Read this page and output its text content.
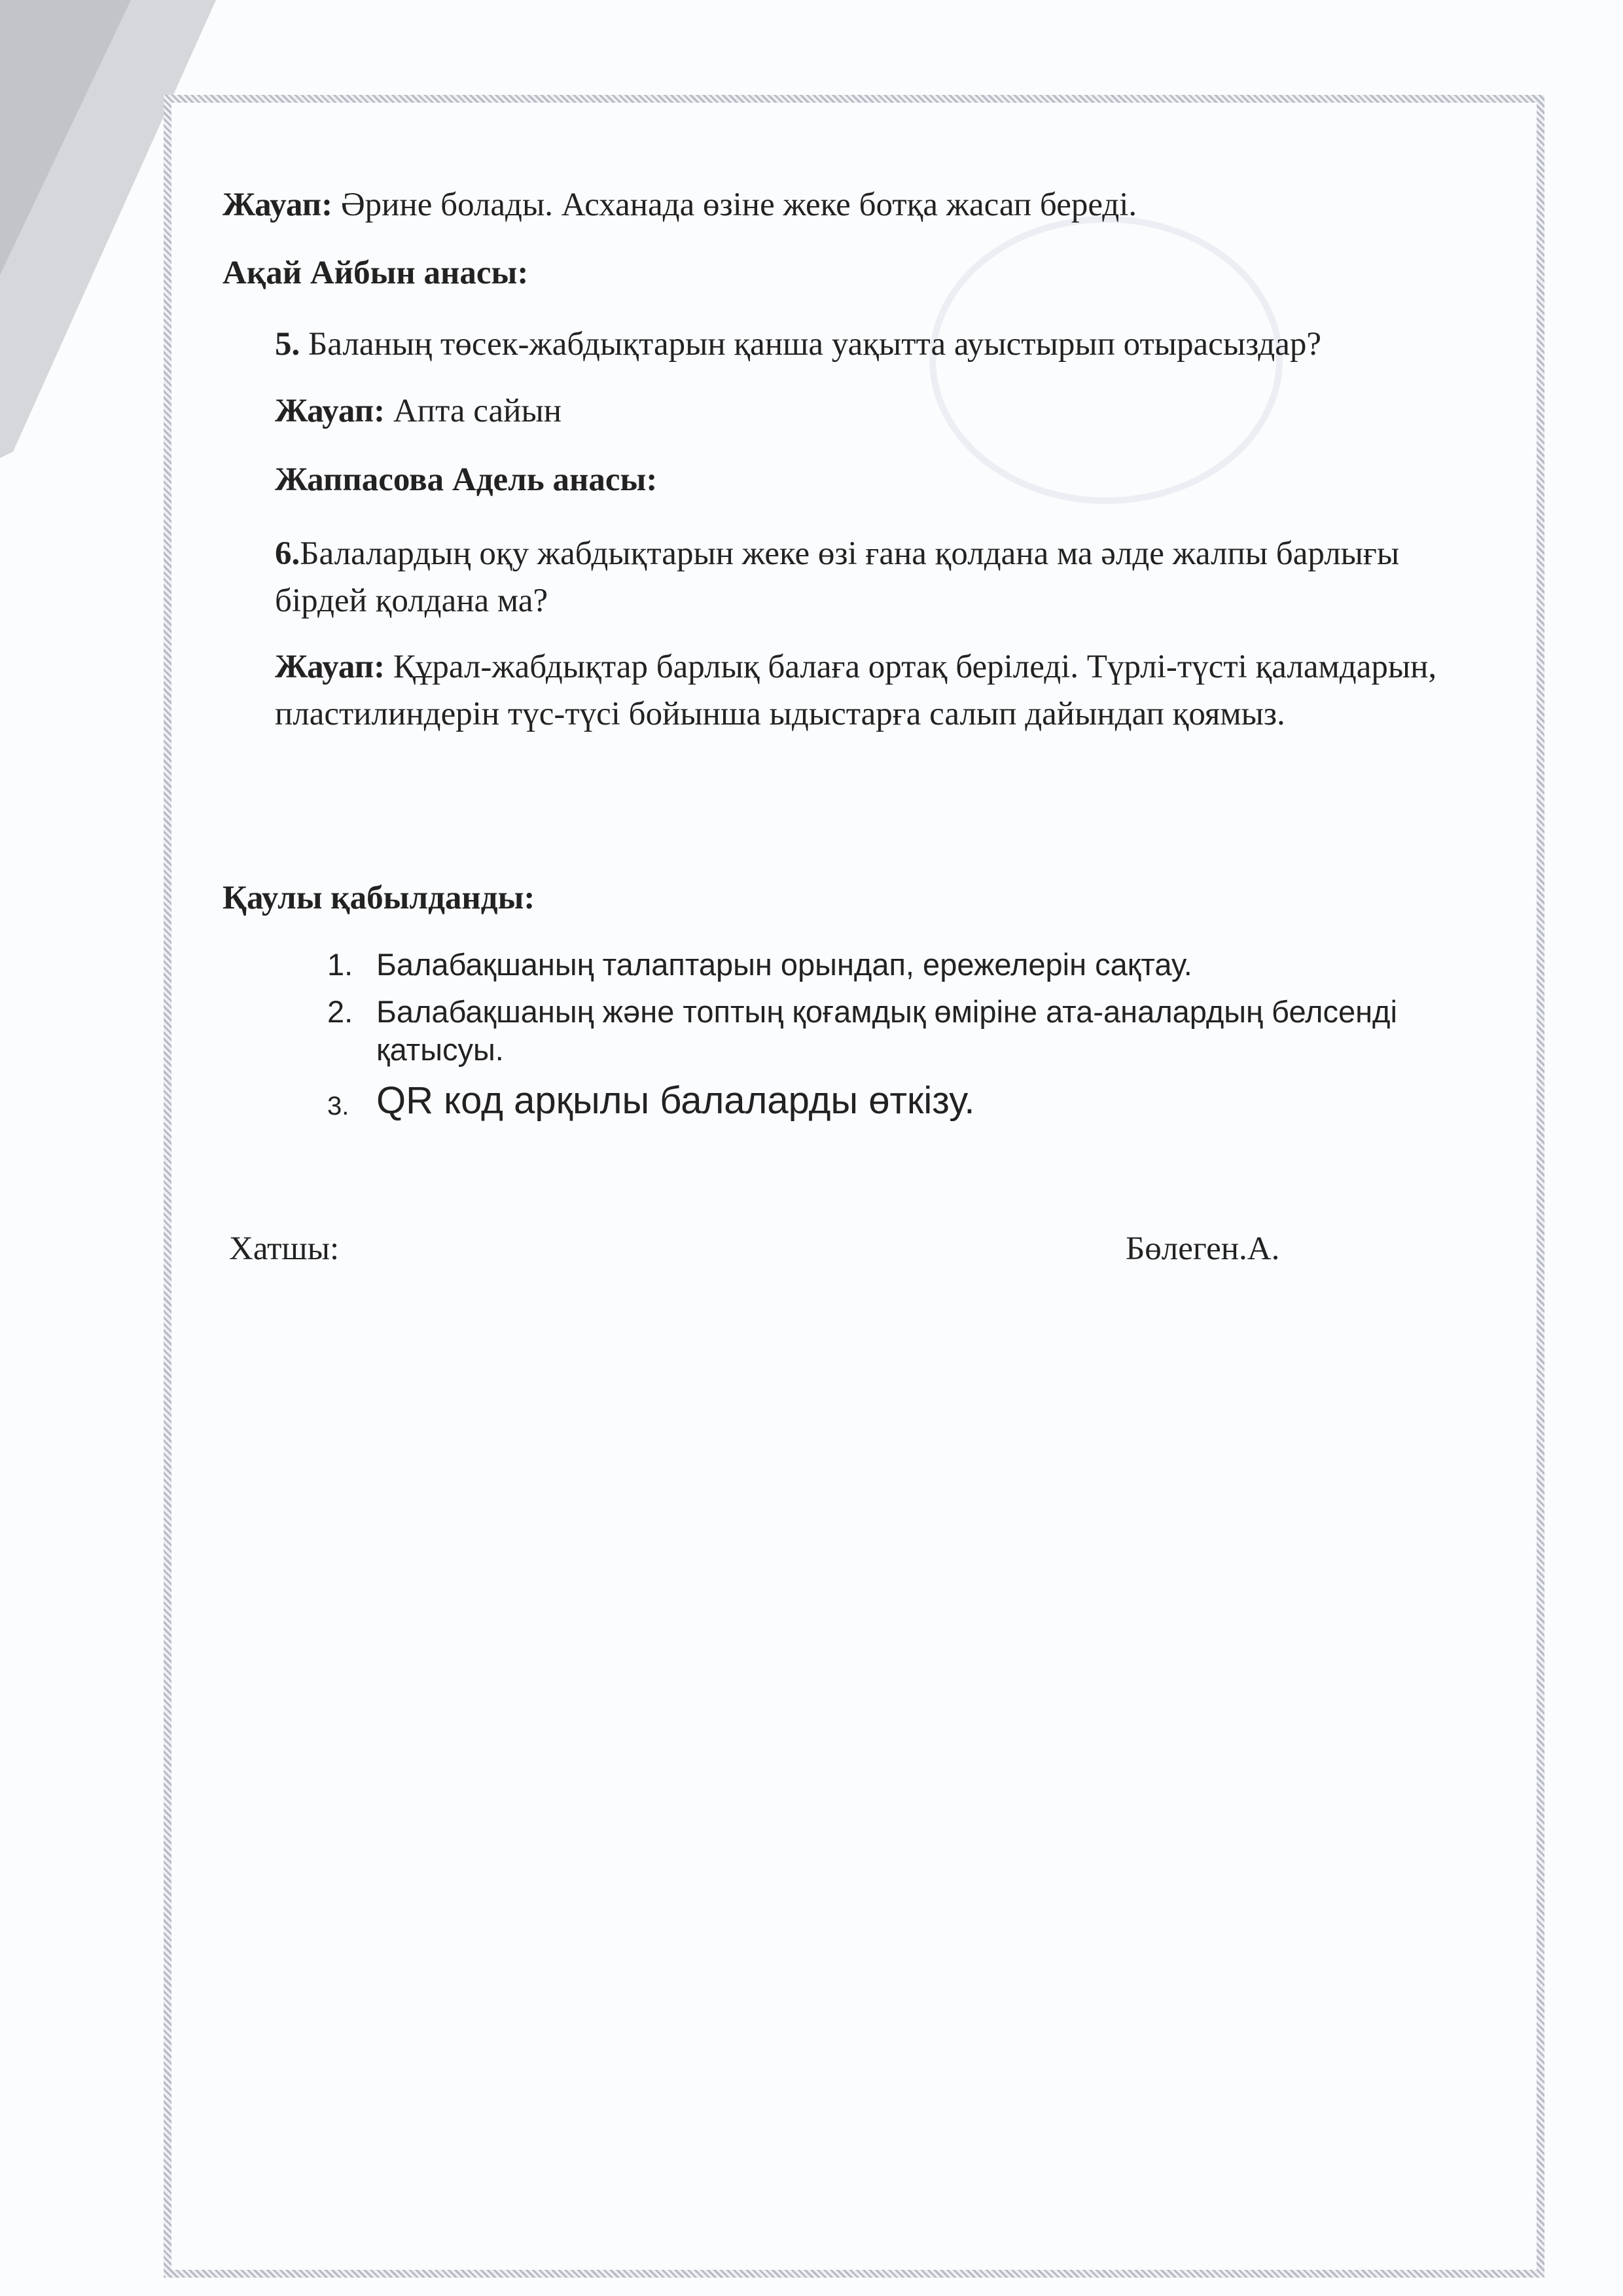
Жауап: Әрине болады. Асханада өзіне жеке ботқа жасап береді.
Ақай Айбын анасы:
5. Баланың төсек-жабдықтарын қанша уақытта ауыстырып отырасыздар?
Жауап: Апта сайын
Жаппасова Адель анасы:
6.Балалардың оқу жабдықтарын жеке өзі ғана қолдана ма әлде жалпы барлығы бірдей қолдана ма?
Жауап: Құрал-жабдықтар барлық балаға ортақ беріледі. Түрлі-түсті қаламдарын, пластилиндерін түс-түсі бойынша ыдыстарға салып дайындап қоямыз.
Қаулы қабылданды:
1. Балабақшаның талаптарын орындап, ережелерін сақтау.
2. Балабақшаның және топтың қоғамдық өміріне ата-аналардың белсенді қатысуы.
3. QR код арқылы балаларды өткізу.
Хатшы:	Бөлеген.А.
